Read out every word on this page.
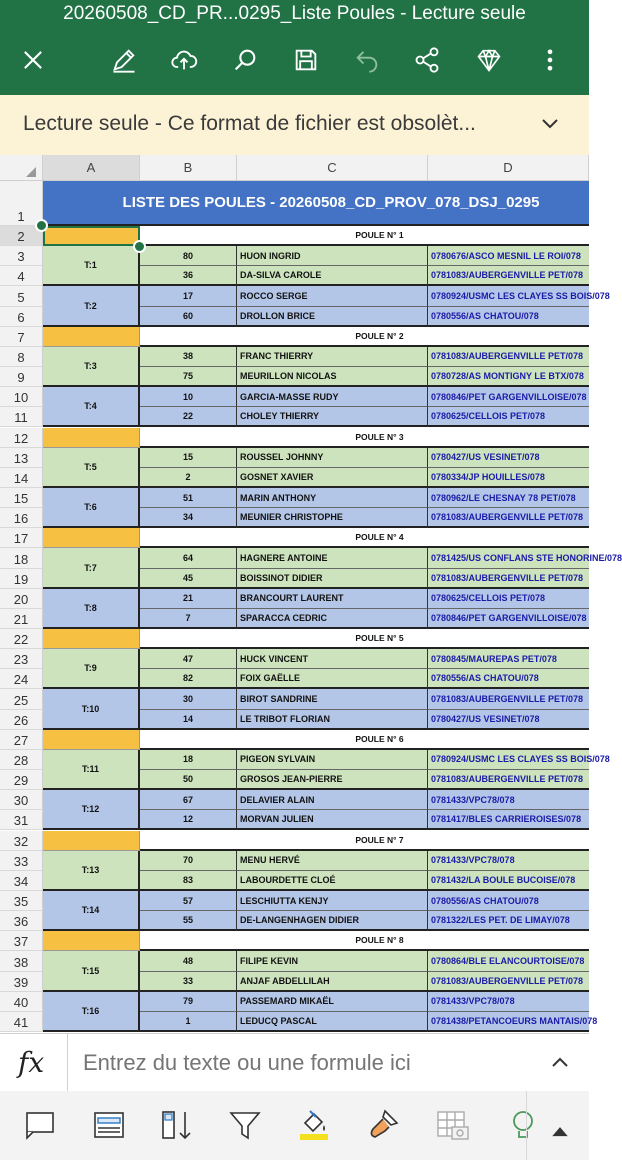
20260508_CD_PR...0295_Liste Poules - Lecture seule
Lecture seule - Ce format de fichier est obsolèt...
A	B	C	D
1
2
3
4
5
6
7
8
9
10
11
12
13
14
15
16
17
18
19
20
21
22
23
24
25
26
27
28
29
30
31
32
33
34
35
36
37
38
39
40
41
LISTE DES POULES - 20260508_CD_PROV_078_DSJ_0295
POULE N° 1
T:1
80	HUON INGRID	0780676/ASCO MESNIL LE ROI/078
36	DA-SILVA CAROLE	0781083/AUBERGENVILLE PET/078
T:2
17	ROCCO SERGE	0780924/USMC LES CLAYES SS BOIS/078
60	DROLLON BRICE	0780556/AS CHATOU/078
POULE N° 2
T:3
38	FRANC THIERRY	0781083/AUBERGENVILLE PET/078
75	MEURILLON NICOLAS	0780728/AS MONTIGNY LE BTX/078
T:4
10	GARCIA-MASSE RUDY	0780846/PET GARGENVILLOISE/078
22	CHOLEY THIERRY	0780625/CELLOIS PET/078
POULE N° 3
T:5
15	ROUSSEL JOHNNY	0780427/US VESINET/078
2	GOSNET XAVIER	0780334/JP HOUILLES/078
T:6
51	MARIN ANTHONY	0780962/LE CHESNAY 78 PET/078
34	MEUNIER CHRISTOPHE	0781083/AUBERGENVILLE PET/078
POULE N° 4
T:7
64	HAGNERE ANTOINE	0781425/US CONFLANS STE HONORINE/078
45	BOISSINOT DIDIER	0781083/AUBERGENVILLE PET/078
T:8
21	BRANCOURT LAURENT	0780625/CELLOIS PET/078
7	SPARACCA CEDRIC	0780846/PET GARGENVILLOISE/078
POULE N° 5
T:9
47	HUCK VINCENT	0780845/MAUREPAS PET/078
82	FOIX GAËLLE	0780556/AS CHATOU/078
T:10
30	BIROT SANDRINE	0781083/AUBERGENVILLE PET/078
14	LE TRIBOT FLORIAN	0780427/US VESINET/078
POULE N° 6
T:11
18	PIGEON SYLVAIN	0780924/USMC LES CLAYES SS BOIS/078
50	GROSOS JEAN-PIERRE	0781083/AUBERGENVILLE PET/078
T:12
67	DELAVIER ALAIN	0781433/VPC78/078
12	MORVAN JULIEN	0781417/BLES CARRIEROISES/078
POULE N° 7
T:13
70	MENU HERVÉ	0781433/VPC78/078
83	LABOURDETTE CLOÉ	0781432/LA BOULE BUCOISE/078
T:14
57	LESCHIUTTA KENJY	0780556/AS CHATOU/078
55	DE-LANGENHAGEN DIDIER	0781322/LES PET. DE LIMAY/078
POULE N° 8
T:15
48	FILIPE KEVIN	0780864/BLE ELANCOURTOISE/078
33	ANJAF ABDELLILAH	0781083/AUBERGENVILLE PET/078
T:16
79	PASSEMARD MIKAËL	0781433/VPC78/078
1	LEDUCQ PASCAL	0781438/PETANCOEURS MANTAIS/078
fx
Entrez du texte ou une formule ici
